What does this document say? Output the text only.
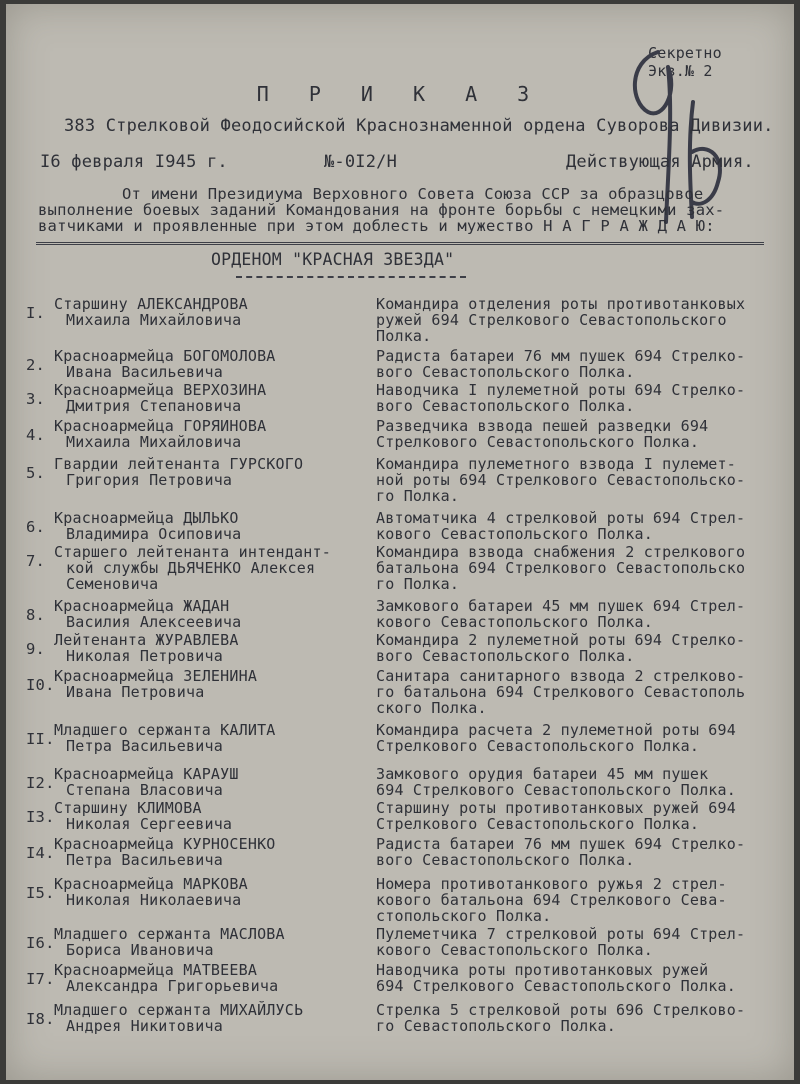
Секретно
Экз.№ 2
П Р И К А З
383 Стрелковой Феодосийской Краснознаменной ордена Суворова Дивизии.
I6 февраля I945 г.	№-0I2/Н	Действующая Армия.
От имени Президиума Верховного Совета Союза ССР за образцовое
выполнение боевых заданий Командования на фронте борьбы с немецкими зах-
ватчиками и проявленные при этом доблесть и мужество Н А Г Р А Ж Д А Ю:
ОРДЕНОМ "КРАСНАЯ ЗВЕЗДА"
I. Старшину АЛЕКСАНДРОВА
Михаила Михайловича
Командира отделения роты противотанковых
ружей 694 Стрелкового Севастопольского
Полка.
2. Красноармейца БОГОМОЛОВА
Ивана Васильевича
Радиста батареи 76 мм пушек 694 Стрелко-
вого Севастопольского Полка.
3. Красноармейца ВЕРХОЗИНА
Дмитрия Степановича
Наводчика I пулеметной роты 694 Стрелко-
вого Севастопольского Полка.
4. Красноармейца ГОРЯИНОВА
Михаила Михайловича
Разведчика взвода пешей разведки 694
Стрелкового Севастопольского Полка.
5. Гвардии лейтенанта ГУРСКОГО
Григория Петровича
Командира пулеметного взвода I пулемет-
ной роты 694 Стрелкового Севастопольско-
го Полка.
6. Красноармейца ДЫЛЬКО
Владимира Осиповича
Автоматчика 4 стрелковой роты 694 Стрел-
кового Севастопольского Полка.
7. Старшего лейтенанта интендант-
кой службы ДЬЯЧЕНКО Алексея
Семеновича
Командира взвода снабжения 2 стрелкового
батальона 694 Стрелкового Севастопольско
го Полка.
8. Красноармейца ЖАДАН
Василия Алексеевича
Замкового батареи 45 мм пушек 694 Стрел-
кового Севастопольского Полка.
9. Лейтенанта ЖУРАВЛЕВА
Николая Петровича
Командира 2 пулеметной роты 694 Стрелко-
вого Севастопольского Полка.
I0. Красноармейца ЗЕЛЕНИНА
Ивана Петровича
Санитара санитарного взвода 2 стрелково-
го батальона 694 Стрелкового Севастополь
ского Полка.
II. Младшего сержанта КАЛИТА
Петра Васильевича
Командира расчета 2 пулеметной роты 694
Стрелкового Севастопольского Полка.
I2. Красноармейца КАРАУШ
Степана Власовича
Замкового орудия батареи 45 мм пушек
694 Стрелкового Севастопольского Полка.
I3. Старшину КЛИМОВА
Николая Сергеевича
Старшину роты противотанковых ружей 694
Стрелкового Севастопольского Полка.
I4. Красноармейца КУРНОСЕНКО
Петра Васильевича
Радиста батареи 76 мм пушек 694 Стрелко-
вого Севастопольского Полка.
I5. Красноармейца МАРКОВА
Николая Николаевича
Номера противотанкового ружья 2 стрел-
кового батальона 694 Стрелкового Сева-
стопольского Полка.
I6. Младшего сержанта МАСЛОВА
Бориса Ивановича
Пулеметчика 7 стрелковой роты 694 Стрел-
кового Севастопольского Полка.
I7. Красноармейца МАТВЕЕВА
Александра Григорьевича
Наводчика роты противотанковых ружей
694 Стрелкового Севастопольского Полка.
I8. Младшего сержанта МИХАЙЛУСЬ
Андрея Никитовича
Стрелка 5 стрелковой роты 696 Стрелково-
го Севастопольского Полка.
